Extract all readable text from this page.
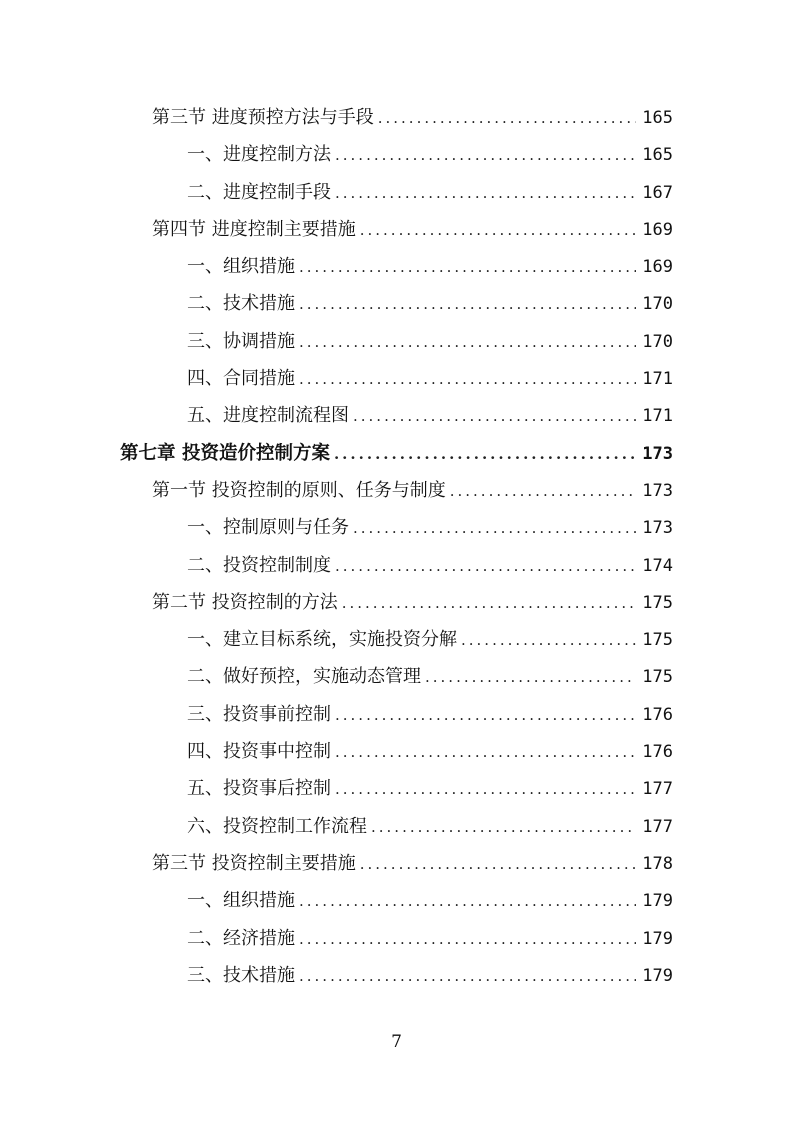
第三节 进度预控方法与手段 .....	165
一、进度控制方法 .....	165
二、进度控制手段 .....	167
第四节 进度控制主要措施 .....	169
一、组织措施 .....	169
二、技术措施 .....	170
三、协调措施 .....	170
四、合同措施 .....	171
五、进度控制流程图 .....	171
第七章 投资造价控制方案 .....	173
第一节 投资控制的原则、任务与制度 .....	173
一、控制原则与任务 .....	173
二、投资控制制度 .....	174
第二节 投资控制的方法 .....	175
一、建立目标系统，实施投资分解 .....	175
二、做好预控，实施动态管理 .....	175
三、投资事前控制 .....	176
四、投资事中控制 .....	176
五、投资事后控制 .....	177
六、投资控制工作流程 .....	177
第三节 投资控制主要措施 .....	178
一、组织措施 .....	179
二、经济措施 .....	179
三、技术措施 .....	179
7
